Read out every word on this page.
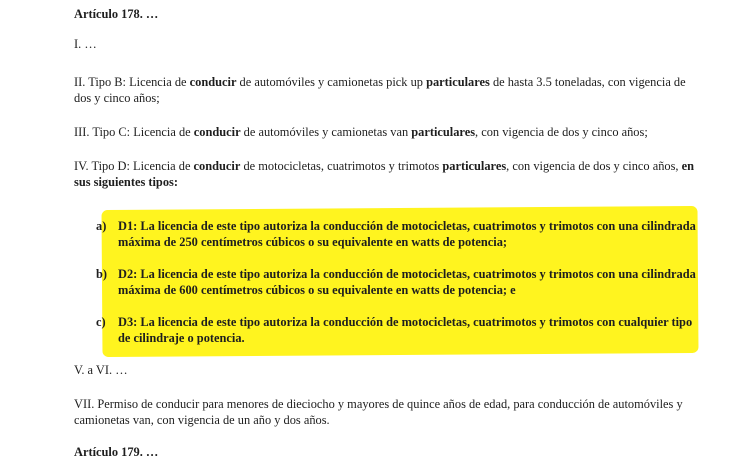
Artículo 178. …

I. …

II. Tipo B: Licencia de conducir de automóviles y camionetas pick up particulares de hasta 3.5 toneladas, con vigencia de dos y cinco años;

III. Tipo C: Licencia de conducir de automóviles y camionetas van particulares, con vigencia de dos y cinco años;

IV. Tipo D: Licencia de conducir de motocicletas, cuatrimotos y trimotos particulares, con vigencia de dos y cinco años, en sus siguientes tipos:

a) D1: La licencia de este tipo autoriza la conducción de motocicletas, cuatrimotos y trimotos con una cilindrada máxima de 250 centímetros cúbicos o su equivalente en watts de potencia;
b) D2: La licencia de este tipo autoriza la conducción de motocicletas, cuatrimotos y trimotos con una cilindrada máxima de 600 centímetros cúbicos o su equivalente en watts de potencia; e
c) D3: La licencia de este tipo autoriza la conducción de motocicletas, cuatrimotos y trimotos con cualquier tipo de cilindraje o potencia.

V. a VI. …

VII. Permiso de conducir para menores de dieciocho y mayores de quince años de edad, para conducción de automóviles y camionetas van, con vigencia de un año y dos años.

Artículo 179. …
